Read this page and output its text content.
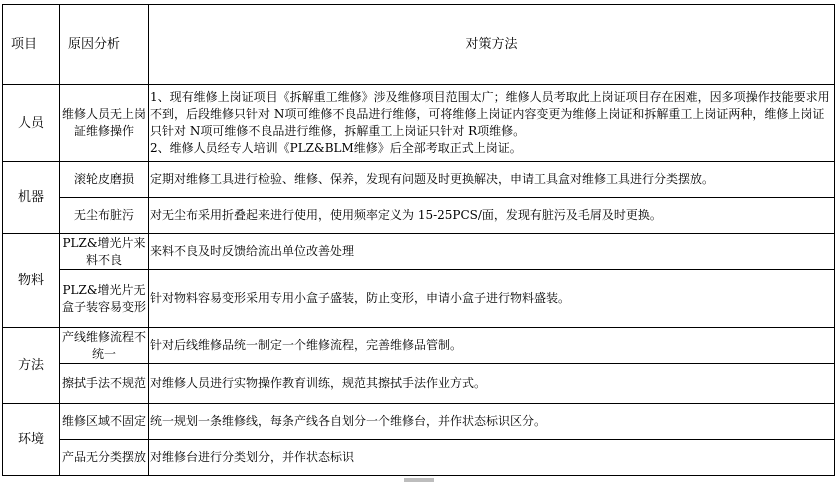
项目	原因分析	对策方法
人员	维修人员无上岗証维修操作	1、现有维修上岗证项目《拆解重工维修》涉及维修项目范围太广；维修人员考取此上岗证项目存在困难，因多项操作技能要求用不到，后段维修只针对 N项可维修不良品进行维修，可将维修上岗证内容变更为维修上岗证和拆解重工上岗证两种，维修上岗证只针对 N项可维修不良品进行维修，拆解重工上岗证只针对 R项维修。
2、维修人员经专人培训《PLZ&BLM维修》后全部考取正式上岗证。

机器	滚轮皮磨损	定期对维修工具进行检验、维修、保养，发现有问题及时更换解决，申请工具盒对维修工具进行分类摆放。

	无尘布脏污	对无尘布采用折叠起来进行使用，使用频率定义为 15-25PCS/面，发现有脏污及毛屑及时更换。

物料	PLZ&增光片来料不良	来料不良及时反馈给流出单位改善处理

	PLZ&增光片无盒子装容易变形	针对物料容易变形采用专用小盒子盛装，防止变形，申请小盒子进行物料盛装。

方法	产线维修流程不统一	针对后线维修品统一制定一个维修流程，完善维修品管制。

	擦拭手法不规范	对维修人员进行实物操作教育训练，规范其擦拭手法作业方式。

环境	维修区域不固定	统一规划一条维修线，每条产线各自划分一个维修台，并作状态标识区分。

	产品无分类摆放	对维修台进行分类划分，并作状态标识
